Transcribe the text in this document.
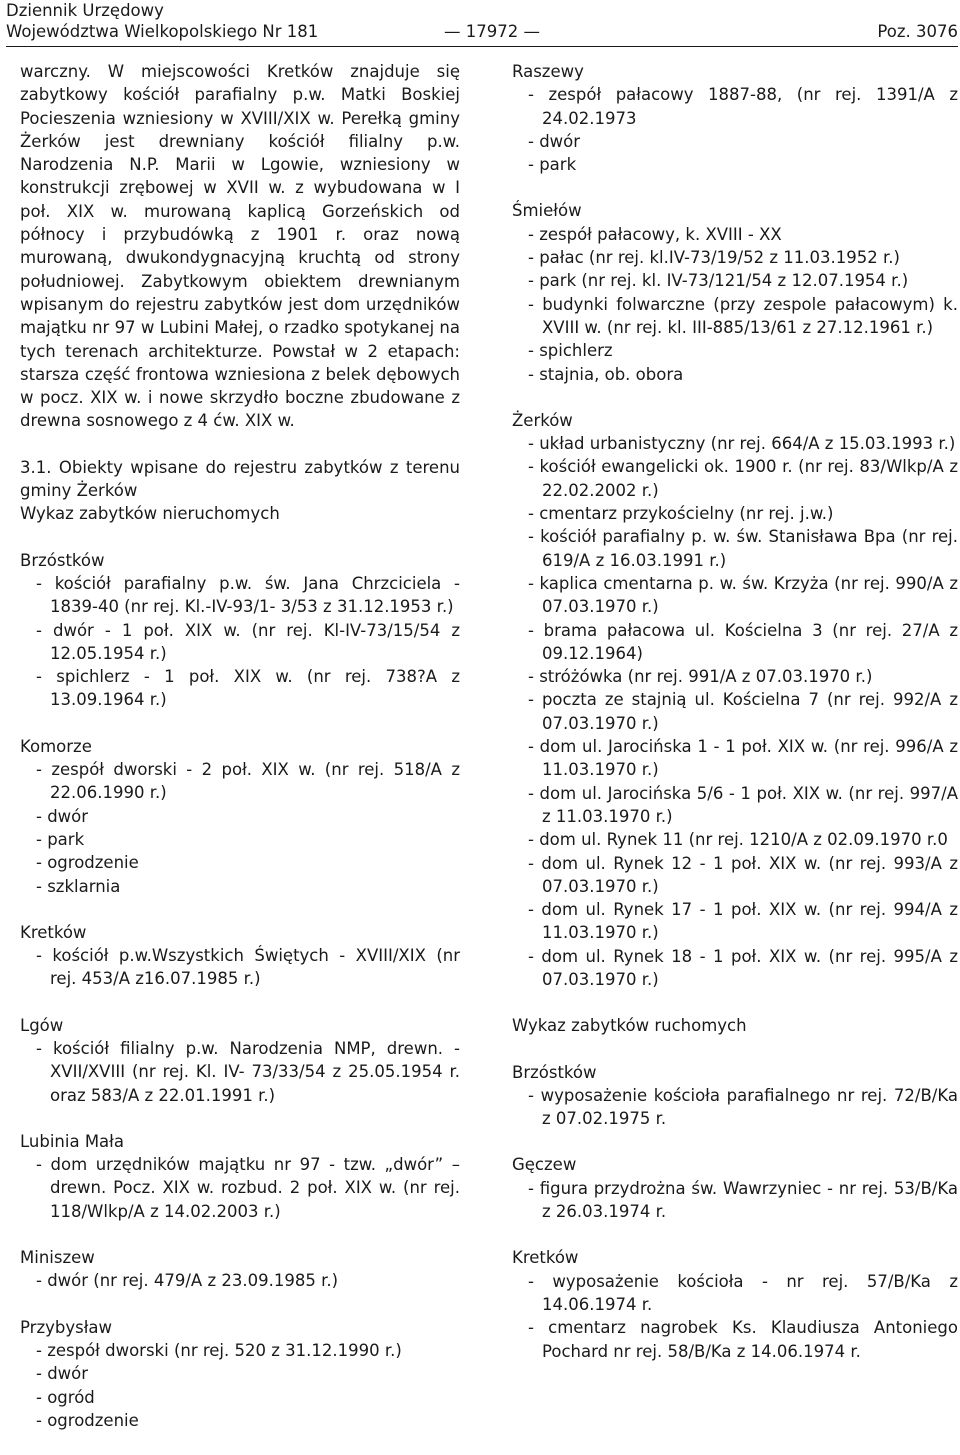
Dziennik Urzędowy
Województwa Wielkopolskiego Nr 181	— 17972 —	Poz. 3076

warczny. W miejscowości Kretków znajduje się zabytkowy kościół parafialny p.w. Matki Boskiej Pocieszenia wzniesiony w XVIII/XIX w. Perełką gminy Żerków jest drewniany kościół filialny p.w. Narodzenia N.P. Marii w Lgowie, wzniesiony w konstrukcji zrębowej w XVII w. z wybudowana w I poł. XIX w. murowaną kaplicą Gorzeńskich od północy i przybudówką z 1901 r. oraz nową murowaną, dwukondygnacyjną kruchtą od strony południowej. Zabytkowym obiektem drewnianym wpisanym do rejestru zabytków jest dom urzędników majątku nr 97 w Lubini Małej, o rzadko spotykanej na tych terenach architekturze. Powstał w 2 etapach: starsza część frontowa wzniesiona z belek dębowych w pocz. XIX w. i nowe skrzydło boczne zbudowane z drewna sosnowego z 4 ćw. XIX w.

3.1. Obiekty wpisane do rejestru zabytków z terenu gminy Żerków

Wykaz zabytków nieruchomych

Brzóstków

- kościół parafialny p.w. św. Jana Chrzciciela - 1839-40 (nr rej. Kl.-IV-93/1- 3/53 z 31.12.1953 r.)
- dwór - 1 poł. XIX w. (nr rej. Kl-IV-73/15/54 z 12.05.1954 r.)
- spichlerz - 1 poł. XIX w. (nr rej. 738?A z 13.09.1964 r.)

Komorze

- zespół dworski - 2 poł. XIX w. (nr rej. 518/A z 22.06.1990 r.)
- dwór
- park
- ogrodzenie
- szklarnia

Kretków

- kościół p.w.Wszystkich Świętych - XVIII/XIX (nr rej. 453/A z16.07.1985 r.)

Lgów

- kościół filialny p.w. Narodzenia NMP, drewn. - XVII/XVIII (nr rej. Kl. IV- 73/33/54 z 25.05.1954 r. oraz 583/A z 22.01.1991 r.)

Lubinia Mała

- dom urzędników majątku nr 97 - tzw. „dwór” – drewn. Pocz. XIX w. rozbud. 2 poł. XIX w. (nr rej. 118/Wlkp/A z 14.02.2003 r.)

Miniszew

- dwór (nr rej. 479/A z 23.09.1985 r.)

Przybysław

- zespół dworski (nr rej. 520 z 31.12.1990 r.)
- dwór
- ogród
- ogrodzenie

Raszewy

- zespół pałacowy 1887-88, (nr rej. 1391/A z 24.02.1973
- dwór
- park

Śmiełów

- zespół pałacowy, k. XVIII - XX
- pałac (nr rej. kl.IV-73/19/52 z 11.03.1952 r.)
- park (nr rej. kl. IV-73/121/54 z 12.07.1954 r.)
- budynki folwarczne (przy zespole pałacowym) k. XVIII w. (nr rej. kl. III-885/13/61 z 27.12.1961 r.)
- spichlerz
- stajnia, ob. obora

Żerków

- układ urbanistyczny (nr rej. 664/A z 15.03.1993 r.)
- kościół ewangelicki ok. 1900 r. (nr rej. 83/Wlkp/A z 22.02.2002 r.)
- cmentarz przykościelny (nr rej. j.w.)
- kościół parafialny p. w. św. Stanisława Bpa (nr rej. 619/A z 16.03.1991 r.)
- kaplica cmentarna p. w. św. Krzyża (nr rej. 990/A z 07.03.1970 r.)
- brama pałacowa ul. Kościelna 3 (nr rej. 27/A z 09.12.1964)
- stróżówka (nr rej. 991/A z 07.03.1970 r.)
- poczta ze stajnią ul. Kościelna 7 (nr rej. 992/A z 07.03.1970 r.)
- dom ul. Jarocińska 1 - 1 poł. XIX w. (nr rej. 996/A z 11.03.1970 r.)
- dom ul. Jarocińska 5/6 - 1 poł. XIX w. (nr rej. 997/A z 11.03.1970 r.)
- dom ul. Rynek 11 (nr rej. 1210/A z 02.09.1970 r.0
- dom ul. Rynek 12 - 1 poł. XIX w. (nr rej. 993/A z 07.03.1970 r.)
- dom ul. Rynek 17 - 1 poł. XIX w. (nr rej. 994/A z 11.03.1970 r.)
- dom ul. Rynek 18 - 1 poł. XIX w. (nr rej. 995/A z 07.03.1970 r.)

Wykaz zabytków ruchomych

Brzóstków

- wyposażenie kościoła parafialnego nr rej. 72/B/Ka z 07.02.1975 r.

Gęczew

- figura przydrożna św. Wawrzyniec - nr rej. 53/B/Ka z 26.03.1974 r.

Kretków

- wyposażenie kościoła - nr rej. 57/B/Ka z 14.06.1974 r.
- cmentarz nagrobek Ks. Klaudiusza Antoniego Pochard nr rej. 58/B/Ka z 14.06.1974 r.
